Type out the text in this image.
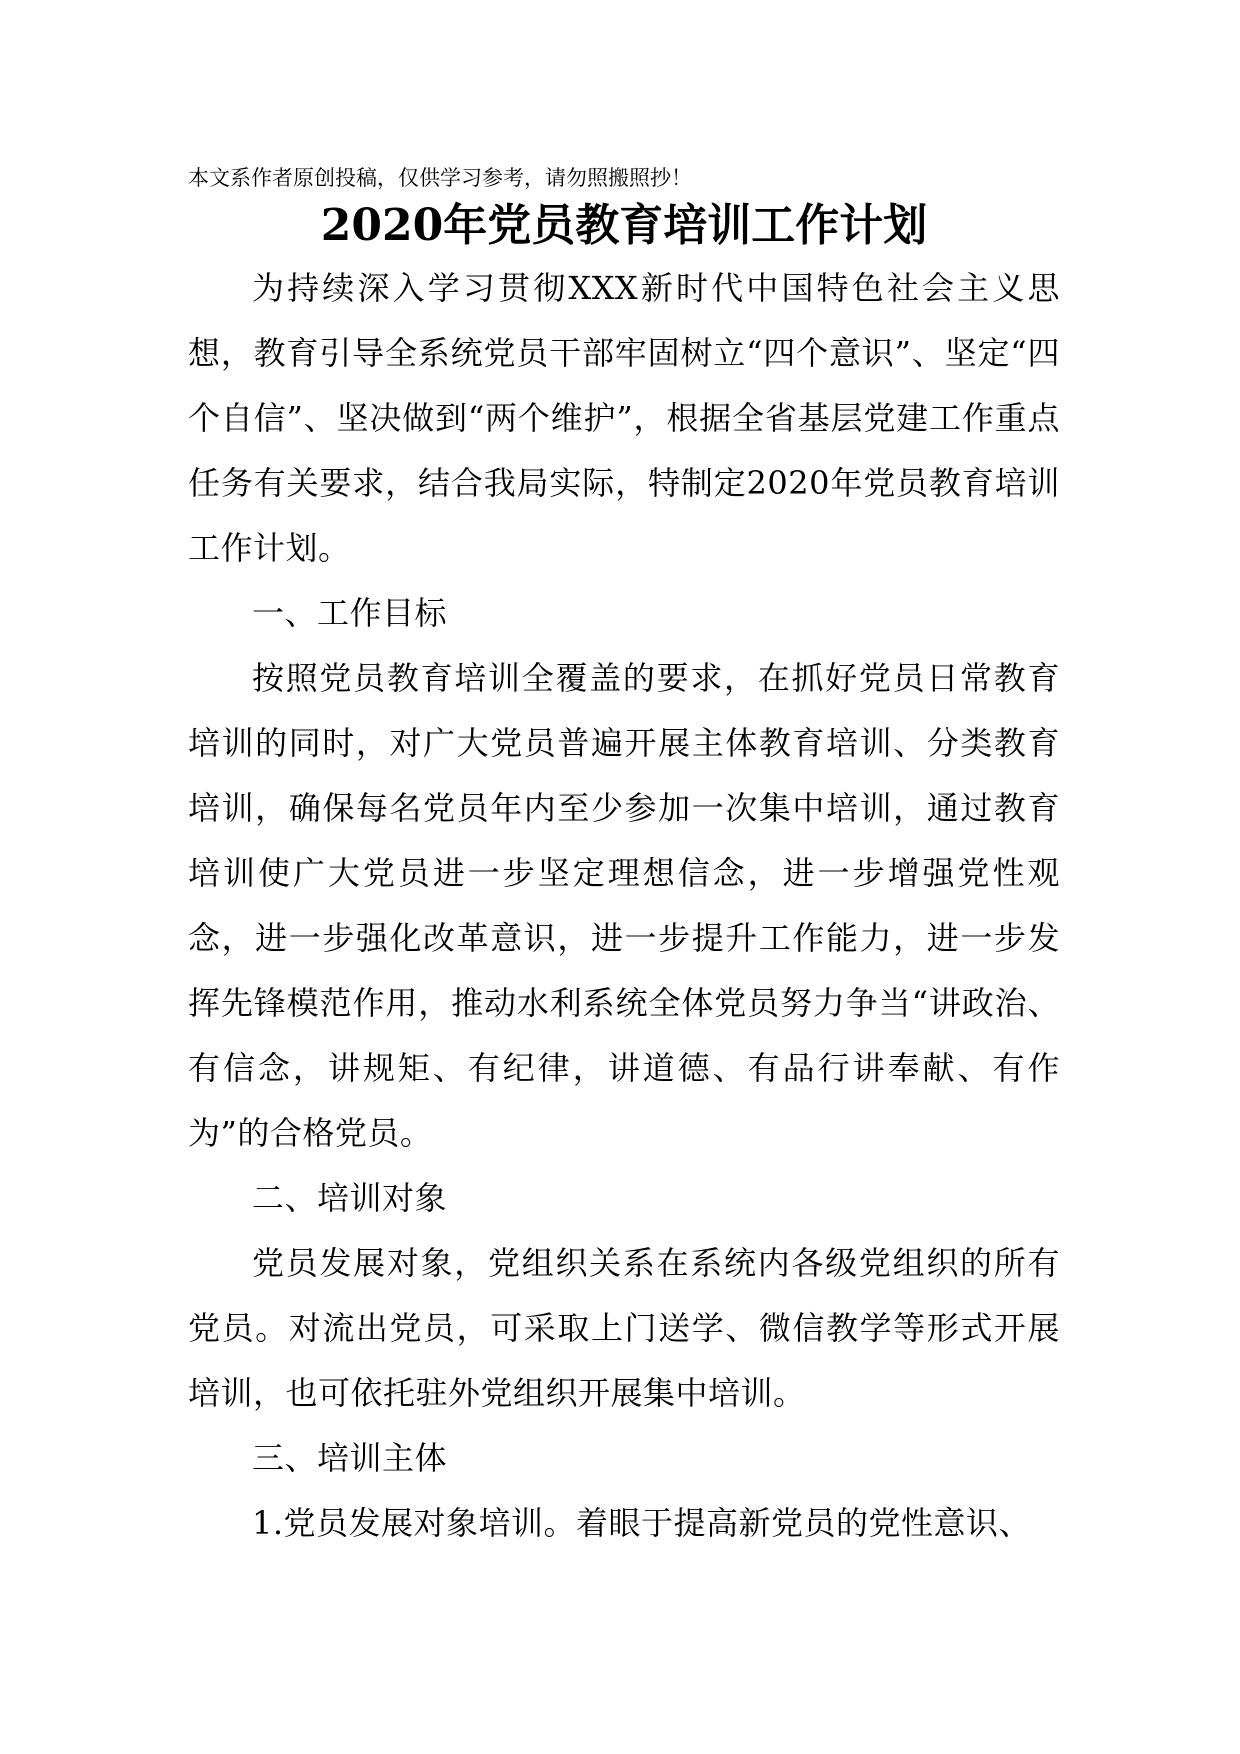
本文系作者原创投稿，仅供学习参考，请勿照搬照抄！

2020年党员教育培训工作计划

为持续深入学习贯彻XXX新时代中国特色社会主义思想，教育引导全系统党员干部牢固树立“四个意识”、坚定“四个自信”、坚决做到“两个维护”，根据全省基层党建工作重点任务有关要求，结合我局实际，特制定2020年党员教育培训工作计划。

一、工作目标

按照党员教育培训全覆盖的要求，在抓好党员日常教育培训的同时，对广大党员普遍开展主体教育培训、分类教育培训，确保每名党员年内至少参加一次集中培训，通过教育培训使广大党员进一步坚定理想信念，进一步增强党性观念，进一步强化改革意识，进一步提升工作能力，进一步发挥先锋模范作用，推动水利系统全体党员努力争当“讲政治、有信念，讲规矩、有纪律，讲道德、有品行讲奉献、有作为”的合格党员。

二、培训对象

党员发展对象，党组织关系在系统内各级党组织的所有党员。对流出党员，可采取上门送学、微信教学等形式开展培训，也可依托驻外党组织开展集中培训。

三、培训主体

1.党员发展对象培训。着眼于提高新党员的党性意识、
